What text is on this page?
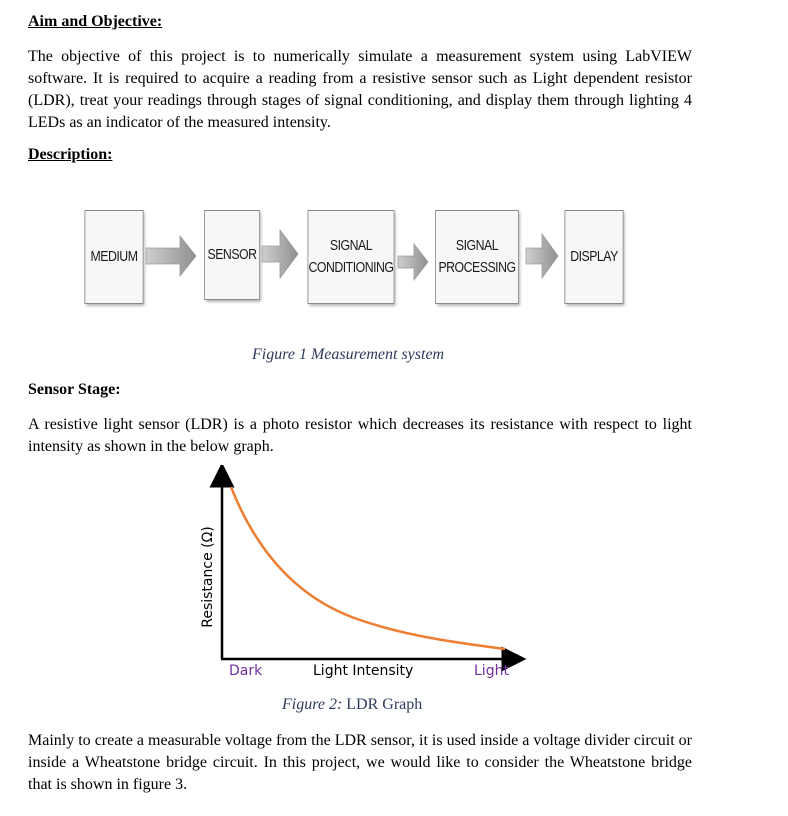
Aim and Objective:

The objective of this project is to numerically simulate a measurement system using LabVIEW software. It is required to acquire a reading from a resistive sensor such as Light dependent resistor (LDR), treat your readings through stages of signal conditioning, and display them through lighting 4 LEDs as an indicator of the measured intensity.

Description:
MEDIUM	SENSOR
SIGNAL
CONDITIONING
SIGNAL
PROCESSING
DISPLAY

Figure 1 Measurement system

Sensor Stage:

A resistive light sensor (LDR) is a photo resistor which decreases its resistance with respect to light intensity as shown in the below graph.

Resistance (Ω)
Dark	Light Intensity	Light

Figure 2: LDR Graph

Mainly to create a measurable voltage from the LDR sensor, it is used inside a voltage divider circuit or inside a Wheatstone bridge circuit. In this project, we would like to consider the Wheatstone bridge that is shown in figure 3.
